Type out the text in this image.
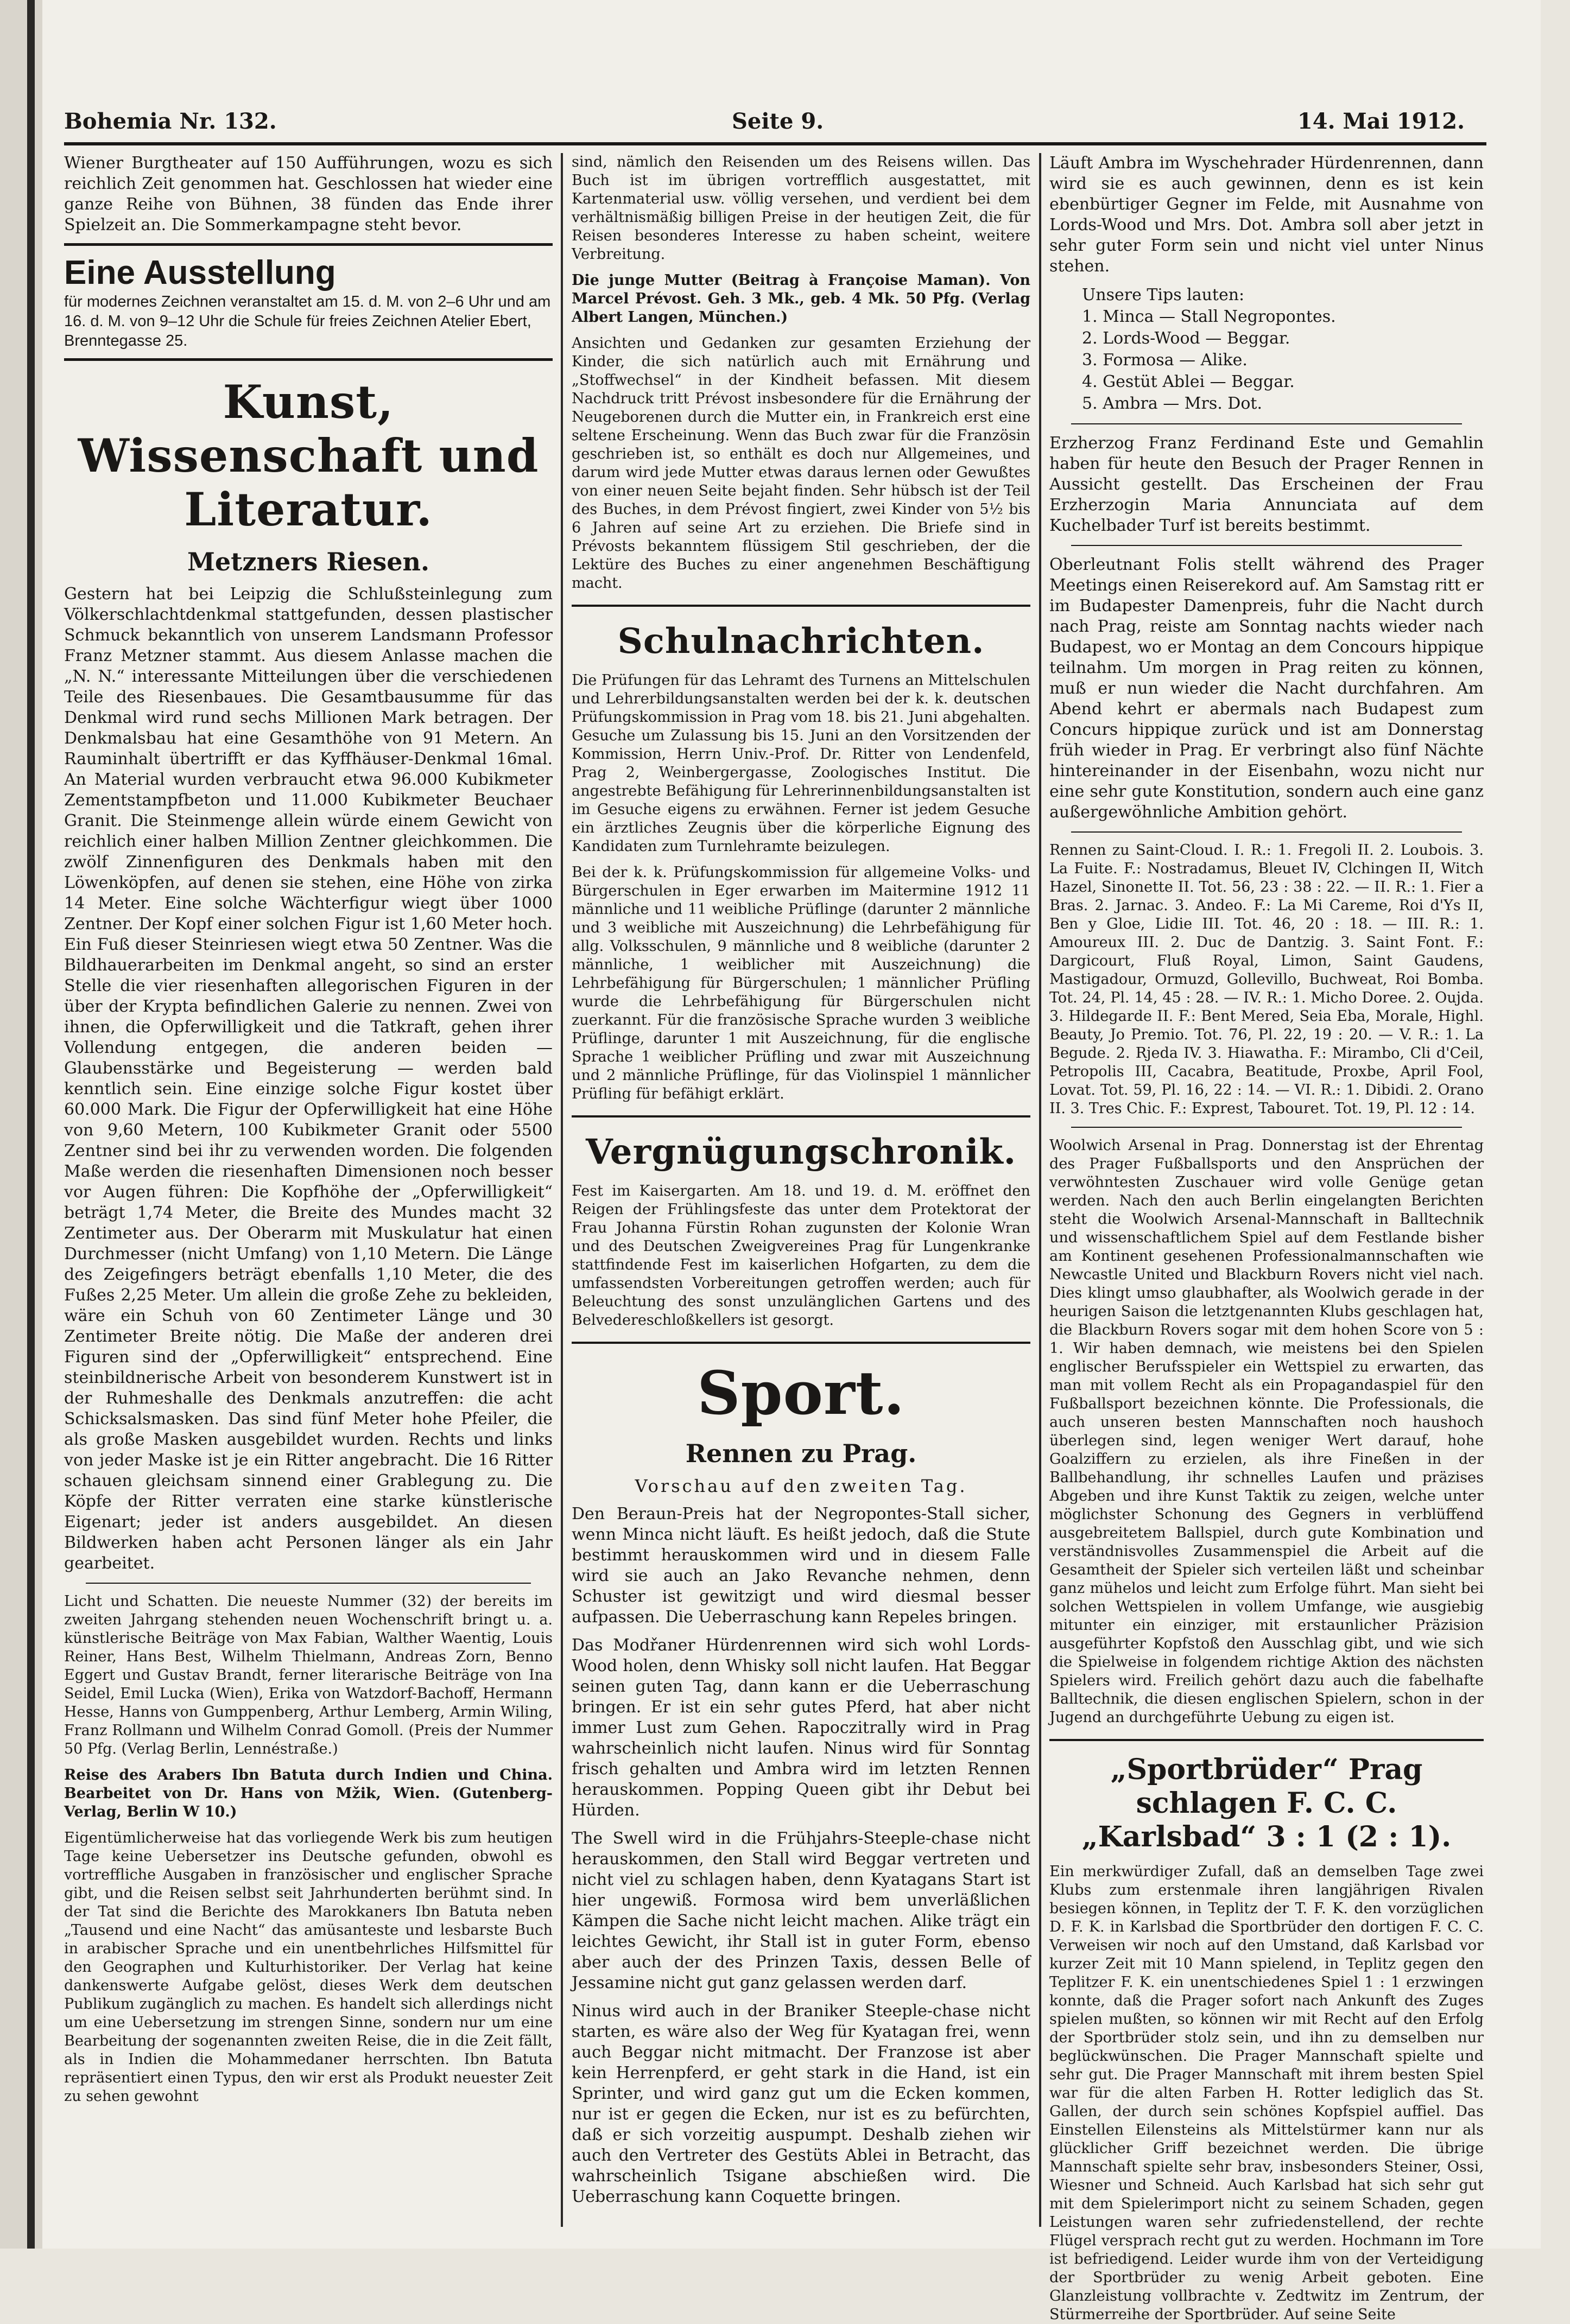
Bohemia Nr. 132.	Seite 9.	14. Mai 1912.

Wiener Burgtheater auf 150 Aufführungen, wozu es sich reichlich Zeit genommen hat. Geschlossen hat wieder eine ganze Reihe von Bühnen, 38 fünden das Ende ihrer Spielzeit an. Die Sommerkampagne steht bevor.

Eine Ausstellung
für modernes Zeichnen veranstaltet am 15. d. M. von 2–6 Uhr und am 16. d. M. von 9–12 Uhr die Schule für freies Zeichnen Atelier Ebert, Brenntegasse 25.
Kunst, Wissenschaft und Literatur.
Metzners Riesen.

Gestern hat bei Leipzig die Schlußsteinlegung zum Völkerschlachtdenkmal stattgefunden, dessen plastischer Schmuck bekanntlich von unserem Landsmann Professor Franz Metzner stammt. Aus diesem Anlasse machen die „N. N.“ interessante Mitteilungen über die verschiedenen Teile des Riesenbaues. Die Gesamtbausumme für das Denkmal wird rund sechs Millionen Mark betragen. Der Denkmalsbau hat eine Gesamthöhe von 91 Metern. An Rauminhalt übertrifft er das Kyffhäuser-Denkmal 16mal. An Material wurden verbraucht etwa 96.000 Kubikmeter Zementstampfbeton und 11.000 Kubikmeter Beuchaer Granit. Die Steinmenge allein würde einem Gewicht von reichlich einer halben Million Zentner gleichkommen. Die zwölf Zinnenfiguren des Denkmals haben mit den Löwenköpfen, auf denen sie stehen, eine Höhe von zirka 14 Meter. Eine solche Wächterfigur wiegt über 1000 Zentner. Der Kopf einer solchen Figur ist 1,60 Meter hoch. Ein Fuß dieser Steinriesen wiegt etwa 50 Zentner. Was die Bildhauerarbeiten im Denkmal angeht, so sind an erster Stelle die vier riesenhaften allegorischen Figuren in der über der Krypta befindlichen Galerie zu nennen. Zwei von ihnen, die Opferwilligkeit und die Tatkraft, gehen ihrer Vollendung entgegen, die anderen beiden — Glaubensstärke und Begeisterung — werden bald kenntlich sein. Eine einzige solche Figur kostet über 60.000 Mark. Die Figur der Opferwilligkeit hat eine Höhe von 9,60 Metern, 100 Kubikmeter Granit oder 5500 Zentner sind bei ihr zu verwenden worden. Die folgenden Maße werden die riesenhaften Dimensionen noch besser vor Augen führen: Die Kopfhöhe der „Opferwilligkeit“ beträgt 1,74 Meter, die Breite des Mundes macht 32 Zentimeter aus. Der Oberarm mit Muskulatur hat einen Durchmesser (nicht Umfang) von 1,10 Metern. Die Länge des Zeigefingers beträgt ebenfalls 1,10 Meter, die des Fußes 2,25 Meter. Um allein die große Zehe zu bekleiden, wäre ein Schuh von 60 Zentimeter Länge und 30 Zentimeter Breite nötig. Die Maße der anderen drei Figuren sind der „Opferwilligkeit“ entsprechend. Eine steinbildnerische Arbeit von besonderem Kunstwert ist in der Ruhmeshalle des Denkmals anzutreffen: die acht Schicksalsmasken. Das sind fünf Meter hohe Pfeiler, die als große Masken ausgebildet wurden. Rechts und links von jeder Maske ist je ein Ritter angebracht. Die 16 Ritter schauen gleichsam sinnend einer Grablegung zu. Die Köpfe der Ritter verraten eine starke künstlerische Eigenart; jeder ist anders ausgebildet. An diesen Bildwerken haben acht Personen länger als ein Jahr gearbeitet.

Licht und Schatten. Die neueste Nummer (32) der bereits im zweiten Jahrgang stehenden neuen Wochenschrift bringt u. a. künstlerische Beiträge von Max Fabian, Walther Waentig, Louis Reiner, Hans Best, Wilhelm Thielmann, Andreas Zorn, Benno Eggert und Gustav Brandt, ferner literarische Beiträge von Ina Seidel, Emil Lucka (Wien), Erika von Watzdorf-Bachoff, Hermann Hesse, Hanns von Gumppenberg, Arthur Lemberg, Armin Wiling, Franz Rollmann und Wilhelm Conrad Gomoll. (Preis der Nummer 50 Pfg. (Verlag Berlin, Lennéstraße.)

Reise des Arabers Ibn Batuta durch Indien und China. Bearbeitet von Dr. Hans von Mžik, Wien. (Gutenberg-Verlag, Berlin W 10.)

Eigentümlicherweise hat das vorliegende Werk bis zum heutigen Tage keine Uebersetzer ins Deutsche gefunden, obwohl es vortreffliche Ausgaben in französischer und englischer Sprache gibt, und die Reisen selbst seit Jahrhunderten berühmt sind. In der Tat sind die Berichte des Marokkaners Ibn Batuta neben „Tausend und eine Nacht“ das amüsanteste und lesbarste Buch in arabischer Sprache und ein unentbehrliches Hilfsmittel für den Geographen und Kulturhistoriker. Der Verlag hat keine dankenswerte Aufgabe gelöst, dieses Werk dem deutschen Publikum zugänglich zu machen. Es handelt sich allerdings nicht um eine Uebersetzung im strengen Sinne, sondern nur um eine Bearbeitung der sogenannten zweiten Reise, die in die Zeit fällt, als in Indien die Mohammedaner herrschten. Ibn Batuta repräsentiert einen Typus, den wir erst als Produkt neuester Zeit zu sehen gewohnt

sind, nämlich den Reisenden um des Reisens willen. Das Buch ist im übrigen vortrefflich ausgestattet, mit Kartenmaterial usw. völlig versehen, und verdient bei dem verhältnismäßig billigen Preise in der heutigen Zeit, die für Reisen besonderes Interesse zu haben scheint, weitere Verbreitung.

Die junge Mutter (Beitrag à Françoise Maman). Von Marcel Prévost. Geh. 3 Mk., geb. 4 Mk. 50 Pfg. (Verlag Albert Langen, München.)

Ansichten und Gedanken zur gesamten Erziehung der Kinder, die sich natürlich auch mit Ernährung und „Stoffwechsel“ in der Kindheit befassen. Mit diesem Nachdruck tritt Prévost insbesondere für die Ernährung der Neugeborenen durch die Mutter ein, in Frankreich erst eine seltene Erscheinung. Wenn das Buch zwar für die Französin geschrieben ist, so enthält es doch nur Allgemeines, und darum wird jede Mutter etwas daraus lernen oder Gewußtes von einer neuen Seite bejaht finden. Sehr hübsch ist der Teil des Buches, in dem Prévost fingiert, zwei Kinder von 5½ bis 6 Jahren auf seine Art zu erziehen. Die Briefe sind in Prévosts bekanntem flüssigem Stil geschrieben, der die Lektüre des Buches zu einer angenehmen Beschäftigung macht.

Schulnachrichten.

Die Prüfungen für das Lehramt des Turnens an Mittelschulen und Lehrerbildungsanstalten werden bei der k. k. deutschen Prüfungskommission in Prag vom 18. bis 21. Juni abgehalten. Gesuche um Zulassung bis 15. Juni an den Vorsitzenden der Kommission, Herrn Univ.-Prof. Dr. Ritter von Lendenfeld, Prag 2, Weinbergergasse, Zoologisches Institut. Die angestrebte Befähigung für Lehrerinnenbildungsanstalten ist im Gesuche eigens zu erwähnen. Ferner ist jedem Gesuche ein ärztliches Zeugnis über die körperliche Eignung des Kandidaten zum Turnlehramte beizulegen.

Bei der k. k. Prüfungskommission für allgemeine Volks- und Bürgerschulen in Eger erwarben im Maitermine 1912 11 männliche und 11 weibliche Prüflinge (darunter 2 männliche und 3 weibliche mit Auszeichnung) die Lehrbefähigung für allg. Volksschulen, 9 männliche und 8 weibliche (darunter 2 männliche, 1 weiblicher mit Auszeichnung) die Lehrbefähigung für Bürgerschulen; 1 männlicher Prüfling wurde die Lehrbefähigung für Bürgerschulen nicht zuerkannt. Für die französische Sprache wurden 3 weibliche Prüflinge, darunter 1 mit Auszeichnung, für die englische Sprache 1 weiblicher Prüfling und zwar mit Auszeichnung und 2 männliche Prüflinge, für das Violinspiel 1 männlicher Prüfling für befähigt erklärt.

Vergnügungschronik.

Fest im Kaisergarten. Am 18. und 19. d. M. eröffnet den Reigen der Frühlingsfeste das unter dem Protektorat der Frau Johanna Fürstin Rohan zugunsten der Kolonie Wran und des Deutschen Zweigvereines Prag für Lungenkranke stattfindende Fest im kaiserlichen Hofgarten, zu dem die umfassendsten Vorbereitungen getroffen werden; auch für Beleuchtung des sonst unzulänglichen Gartens und des Belvedereschloßkellers ist gesorgt.

Sport.
Rennen zu Prag.
Vorschau auf den zweiten Tag.

Den Beraun-Preis hat der Negropontes-Stall sicher, wenn Minca nicht läuft. Es heißt jedoch, daß die Stute bestimmt herauskommen wird und in diesem Falle wird sie auch an Jako Revanche nehmen, denn Schuster ist gewitzigt und wird diesmal besser aufpassen. Die Ueberraschung kann Repeles bringen.

Das Modřaner Hürdenrennen wird sich wohl Lords-Wood holen, denn Whisky soll nicht laufen. Hat Beggar seinen guten Tag, dann kann er die Ueberraschung bringen. Er ist ein sehr gutes Pferd, hat aber nicht immer Lust zum Gehen. Rapoczitrally wird in Prag wahrscheinlich nicht laufen. Ninus wird für Sonntag frisch gehalten und Ambra wird im letzten Rennen herauskommen. Popping Queen gibt ihr Debut bei Hürden.

The Swell wird in die Frühjahrs-Steeple-chase nicht herauskommen, den Stall wird Beggar vertreten und nicht viel zu schlagen haben, denn Kyatagans Start ist hier ungewiß. Formosa wird bem unverläßlichen Kämpen die Sache nicht leicht machen. Alike trägt ein leichtes Gewicht, ihr Stall ist in guter Form, ebenso aber auch der des Prinzen Taxis, dessen Belle of Jessamine nicht gut ganz gelassen werden darf.

Ninus wird auch in der Braniker Steeple-chase nicht starten, es wäre also der Weg für Kyatagan frei, wenn auch Beggar nicht mitmacht. Der Franzose ist aber kein Herrenpferd, er geht stark in die Hand, ist ein Sprinter, und wird ganz gut um die Ecken kommen, nur ist er gegen die Ecken, nur ist es zu befürchten, daß er sich vorzeitig auspumpt. Deshalb ziehen wir auch den Vertreter des Gestüts Ablei in Betracht, das wahrscheinlich Tsigane abschießen wird. Die Ueberraschung kann Coquette bringen.

Läuft Ambra im Wyschehrader Hürdenrennen, dann wird sie es auch gewinnen, denn es ist kein ebenbürtiger Gegner im Felde, mit Ausnahme von Lords-Wood und Mrs. Dot. Ambra soll aber jetzt in sehr guter Form sein und nicht viel unter Ninus stehen.

Unsere Tips lauten:
1. Minca — Stall Negropontes.
2. Lords-Wood — Beggar.
3. Formosa — Alike.
4. Gestüt Ablei — Beggar.
5. Ambra — Mrs. Dot.

Erzherzog Franz Ferdinand Este und Gemahlin haben für heute den Besuch der Prager Rennen in Aussicht gestellt. Das Erscheinen der Frau Erzherzogin Maria Annunciata auf dem Kuchelbader Turf ist bereits bestimmt.

Oberleutnant Folis stellt während des Prager Meetings einen Reiserekord auf. Am Samstag ritt er im Budapester Damenpreis, fuhr die Nacht durch nach Prag, reiste am Sonntag nachts wieder nach Budapest, wo er Montag an dem Concours hippique teilnahm. Um morgen in Prag reiten zu können, muß er nun wieder die Nacht durchfahren. Am Abend kehrt er abermals nach Budapest zum Concurs hippique zurück und ist am Donnerstag früh wieder in Prag. Er verbringt also fünf Nächte hintereinander in der Eisenbahn, wozu nicht nur eine sehr gute Konstitution, sondern auch eine ganz außergewöhnliche Ambition gehört.

Rennen zu Saint-Cloud. I. R.: 1. Fregoli II. 2. Loubois. 3. La Fuite. F.: Nostradamus, Bleuet IV, Clchingen II, Witch Hazel, Sinonette II. Tot. 56, 23 : 38 : 22. — II. R.: 1. Fier a Bras. 2. Jarnac. 3. Andeo. F.: La Mi Careme, Roi d'Ys II, Ben y Gloe, Lidie III. Tot. 46, 20 : 18. — III. R.: 1. Amoureux III. 2. Duc de Dantzig. 3. Saint Font. F.: Dargicourt, Fluß Royal, Limon, Saint Gaudens, Mastigadour, Ormuzd, Gollevillo, Buchweat, Roi Bomba. Tot. 24, Pl. 14, 45 : 28. — IV. R.: 1. Micho Doree. 2. Oujda. 3. Hildegarde II. F.: Bent Mered, Seia Eba, Morale, Highl. Beauty, Jo Premio. Tot. 76, Pl. 22, 19 : 20. — V. R.: 1. La Begude. 2. Rjeda IV. 3. Hiawatha. F.: Mirambo, Cli d'Ceil, Petropolis III, Cacabra, Beatitude, Proxbe, April Fool, Lovat. Tot. 59, Pl. 16, 22 : 14. — VI. R.: 1. Dibidi. 2. Orano II. 3. Tres Chic. F.: Exprest, Tabouret. Tot. 19, Pl. 12 : 14.

Woolwich Arsenal in Prag. Donnerstag ist der Ehrentag des Prager Fußballsports und den Ansprüchen der verwöhntesten Zuschauer wird volle Genüge getan werden. Nach den auch Berlin eingelangten Berichten steht die Woolwich Arsenal-Mannschaft in Balltechnik und wissenschaftlichem Spiel auf dem Festlande bisher am Kontinent gesehenen Professionalmannschaften wie Newcastle United und Blackburn Rovers nicht viel nach. Dies klingt umso glaubhafter, als Woolwich gerade in der heurigen Saison die letztgenannten Klubs geschlagen hat, die Blackburn Rovers sogar mit dem hohen Score von 5 : 1. Wir haben demnach, wie meistens bei den Spielen englischer Berufsspieler ein Wettspiel zu erwarten, das man mit vollem Recht als ein Propagandaspiel für den Fußballsport bezeichnen könnte. Die Professionals, die auch unseren besten Mannschaften noch haushoch überlegen sind, legen weniger Wert darauf, hohe Goalziffern zu erzielen, als ihre Fineßen in der Ballbehandlung, ihr schnelles Laufen und präzises Abgeben und ihre Kunst Taktik zu zeigen, welche unter möglichster Schonung des Gegners in verblüffend ausgebreitetem Ballspiel, durch gute Kombination und verständnisvolles Zusammenspiel die Arbeit auf die Gesamtheit der Spieler sich verteilen läßt und scheinbar ganz mühelos und leicht zum Erfolge führt. Man sieht bei solchen Wettspielen in vollem Umfange, wie ausgiebig mitunter ein einziger, mit erstaunlicher Präzision ausgeführter Kopfstoß den Ausschlag gibt, und wie sich die Spielweise in folgendem richtige Aktion des nächsten Spielers wird. Freilich gehört dazu auch die fabelhafte Balltechnik, die diesen englischen Spielern, schon in der Jugend an durchgeführte Uebung zu eigen ist.

„Sportbrüder“ Prag schlagen F. C. C. „Karlsbad“ 3 : 1 (2 : 1).

Ein merkwürdiger Zufall, daß an demselben Tage zwei Klubs zum erstenmale ihren langjährigen Rivalen besiegen können, in Teplitz der T. F. K. den vorzüglichen D. F. K. in Karlsbad die Sportbrüder den dortigen F. C. C. Verweisen wir noch auf den Umstand, daß Karlsbad vor kurzer Zeit mit 10 Mann spielend, in Teplitz gegen den Teplitzer F. K. ein unentschiedenes Spiel 1 : 1 erzwingen konnte, daß die Prager sofort nach Ankunft des Zuges spielen mußten, so können wir mit Recht auf den Erfolg der Sportbrüder stolz sein, und ihn zu demselben nur beglückwünschen. Die Prager Mannschaft spielte und sehr gut. Die Prager Mannschaft mit ihrem besten Spiel war für die alten Farben H. Rotter lediglich das St. Gallen, der durch sein schönes Kopfspiel auffiel. Das Einstellen Eilensteins als Mittelstürmer kann nur als glücklicher Griff bezeichnet werden. Die übrige Mannschaft spielte sehr brav, insbesonders Steiner, Ossi, Wiesner und Schneid. Auch Karlsbad hat sich sehr gut mit dem Spielerimport nicht zu seinem Schaden, gegen Leistungen waren sehr zufriedenstellend, der rechte Flügel versprach recht gut zu werden. Hochmann im Tore ist befriedigend. Leider wurde ihm von der Verteidigung der Sportbrüder zu wenig Arbeit geboten. Eine Glanzleistung vollbrachte v. Zedtwitz im Zentrum, der Stürmerreihe der Sportbrüder. Auf seine Seite
